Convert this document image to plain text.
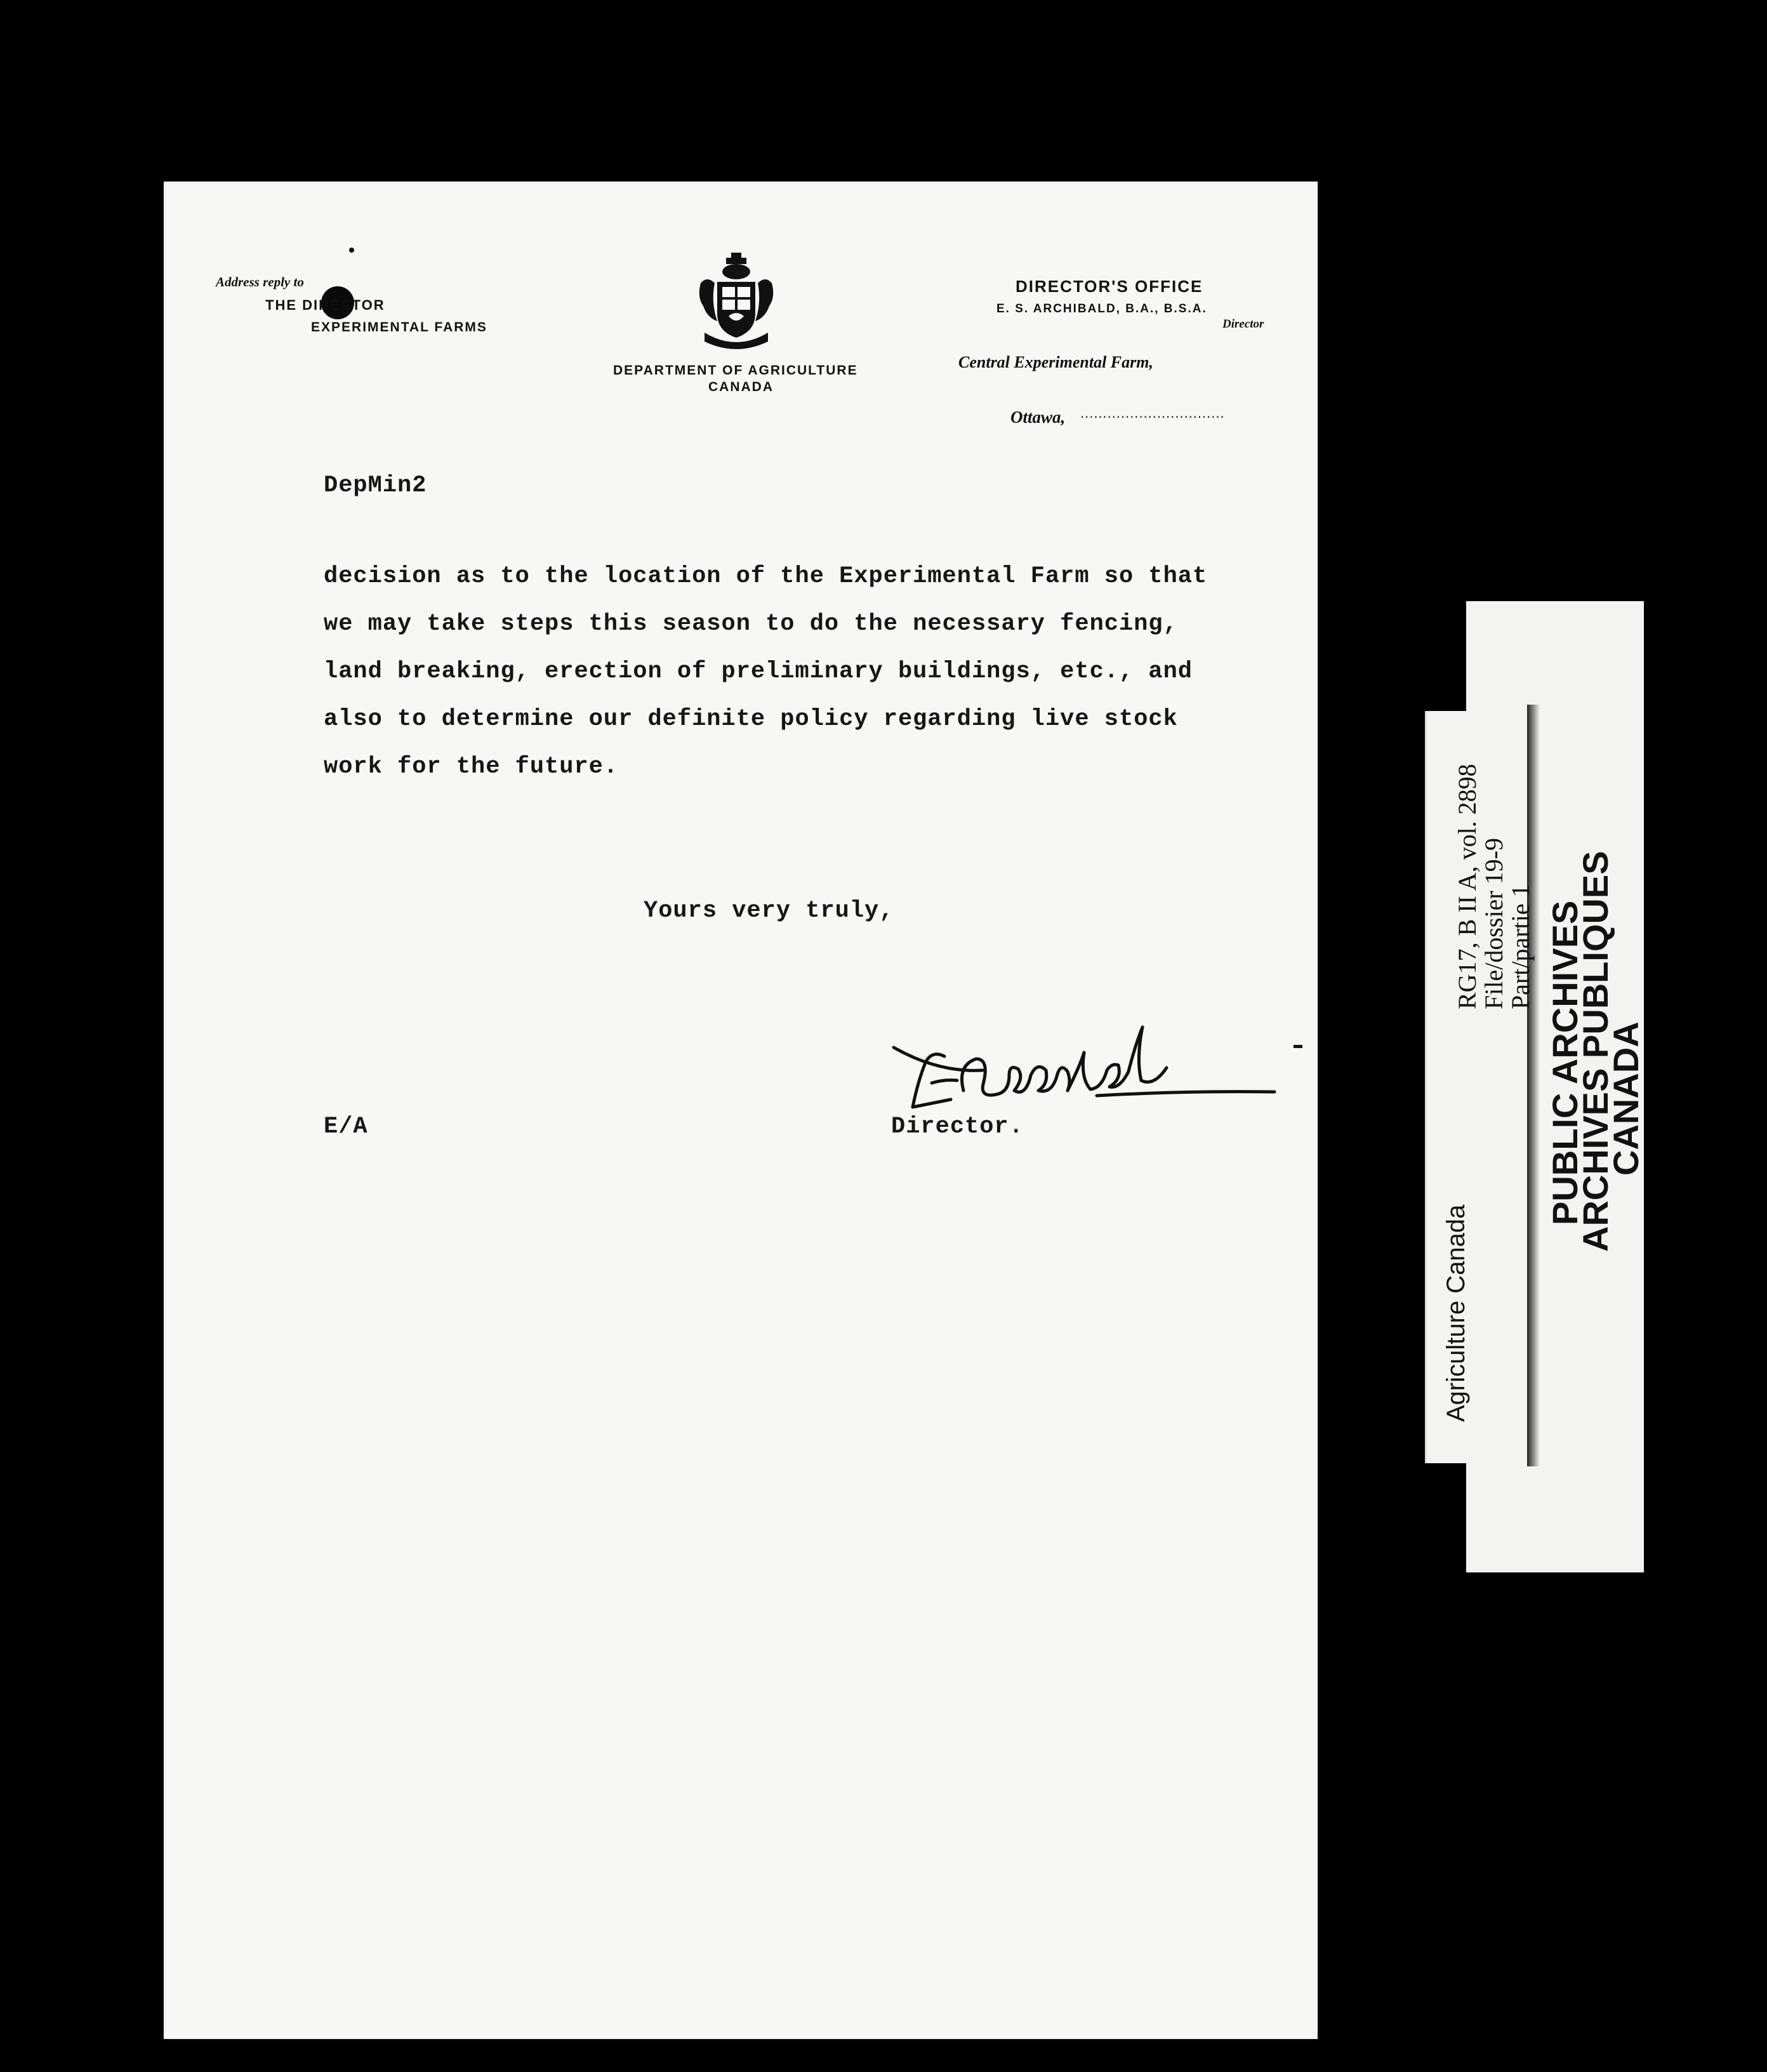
Address reply to
THE DIRECTOR
EXPERIMENTAL FARMS
DEPARTMENT OF AGRICULTURE
CANADA
DIRECTOR'S OFFICE
E. S. ARCHIBALD, B.A., B.S.A.
Director
Central Experimental Farm,
Ottawa, ................................
DepMin2
decision as to the location of the Experimental Farm so that
we may take steps this season to do the necessary fencing,
land breaking, erection of preliminary buildings, etc., and
also to determine our definite policy regarding live stock
work for the future.
Yours very truly,
E/A	Director.
Agriculture Canada
RG17, B II A, vol. 2898
File/dossier 19-9
Part/partie 1 PUBLIC ARCHIVES
ARCHIVES PUBLIQUES
CANADA
